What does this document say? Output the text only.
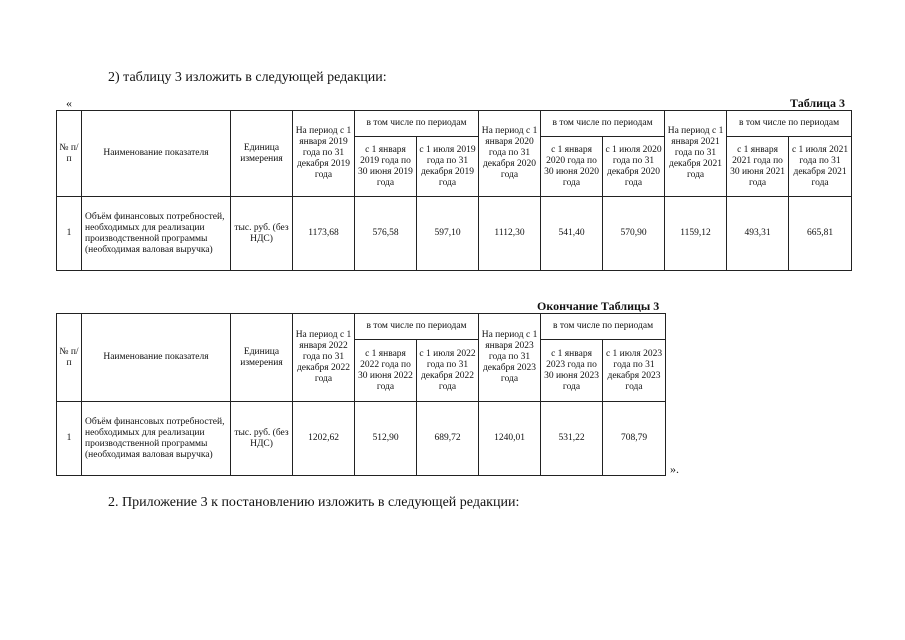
2) таблицу 3 изложить в следующей редакции:
«	Таблица 3
№ п/п	Наименование показателя	Единица измерения	На период с 1 января 2019 года по 31 декабря 2019 года	в том числе по периодам		На период с 1 января 2020 года по 31 декабря 2020 года	в том числе по периодам		На период с 1 января 2021 года по 31 декабря 2021 года	в том числе по периодам	
				с 1 января 2019 года по 30 июня 2019 года	с 1 июля 2019 года по 31 декабря 2019 года		с 1 января 2020 года по 30 июня 2020 года	с 1 июля 2020 года по 31 декабря 2020 года		с 1 января 2021 года по 30 июня 2021 года	с 1 июля 2021 года по 31 декабря 2021 года
1	Объём финансовых потребностей, необходимых для реализации производственной программы (необходимая валовая выручка)	тыс. руб. (без НДС)	1173,68	576,58	597,10	1112,30	541,40	570,90	1159,12	493,31	665,81
Окончание Таблицы 3
№ п/п	Наименование показателя	Единица измерения	На период с 1 января 2022 года по 31 декабря 2022 года	в том числе по периодам		На период с 1 января 2023 года по 31 декабря 2023 года	в том числе по периодам	
				с 1 января 2022 года по 30 июня 2022 года	с 1 июля 2022 года по 31 декабря 2022 года		с 1 января 2023 года по 30 июня 2023 года	с 1 июля 2023 года по 31 декабря 2023 года
1	Объём финансовых потребностей, необходимых для реализации производственной программы (необходимая валовая выручка)	тыс. руб. (без НДС)	1202,62	512,90	689,72	1240,01	531,22	708,79
».
2. Приложение 3 к постановлению изложить в следующей редакции:
